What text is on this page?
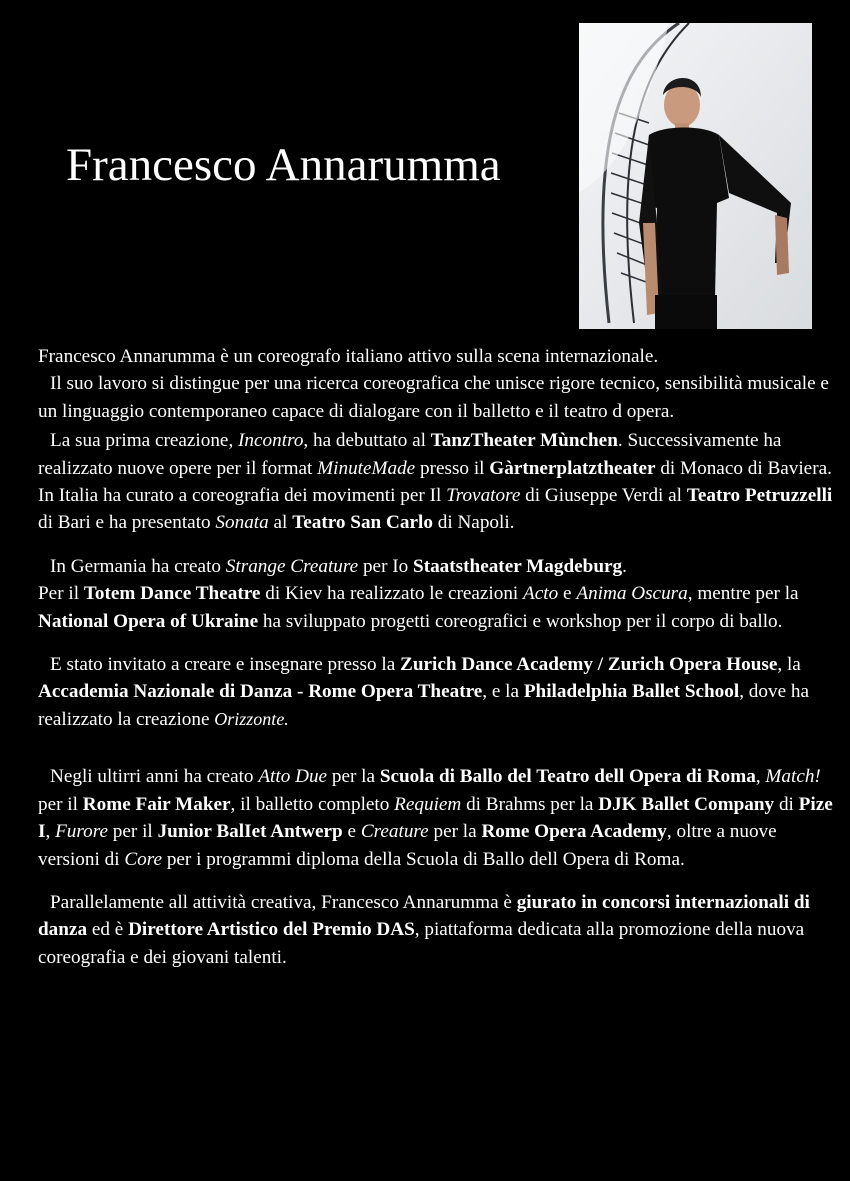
Francesco Annarumma

Francesco Annarumma è un coreografo italiano attivo sulla scena internazionale.
Il suo lavoro si distingue per una ricerca coreografica che unisce rigore tecnico, sensibilità musicale e un linguaggio contemporaneo capace di dialogare con il balletto e il teatro d opera.

La sua prima creazione, Incontro, ha debuttato al TanzTheater Mùnchen. Successivamente ha realizzato nuove opere per il format MinuteMade presso il Gàrtnerplatztheater di Monaco di Baviera. In Italia ha curato a coreografia dei movimenti per Il Trovatore di Giuseppe Verdi al Teatro Petruzzelli di Bari e ha presentato Sonata al Teatro San Carlo di Napoli.

In Germania ha creato Strange Creature per Io Staatstheater Magdeburg.
Per il Totem Dance Theatre di Kiev ha realizzato le creazioni Acto e Anima Oscura, mentre per la National Opera of Ukraine ha sviluppato progetti coreografici e workshop per il corpo di ballo.

E stato invitato a creare e insegnare presso la Zurich Dance Academy / Zurich Opera House, la Accademia Nazionale di Danza - Rome Opera Theatre, e la Philadelphia Ballet School, dove ha realizzato la creazione Orizzonte.

Negli ultirri anni ha creato Atto Due per la Scuola di Ballo del Teatro dell Opera di Roma, Match! per il Rome Fair Maker, il balletto completo Requiem di Brahms per la DJK Ballet Company di Pize I, Furore per il Junior BalIet Antwerp e Creature per la Rome Opera Academy, oltre a nuove versioni di Core per i programmi diploma della Scuola di Ballo dell Opera di Roma.

Parallelamente all attività creativa, Francesco Annarumma è giurato in concorsi internazionali di danza ed è Direttore Artistico del Premio DAS, piattaforma dedicata alla promozione della nuova coreografia e dei giovani talenti.
